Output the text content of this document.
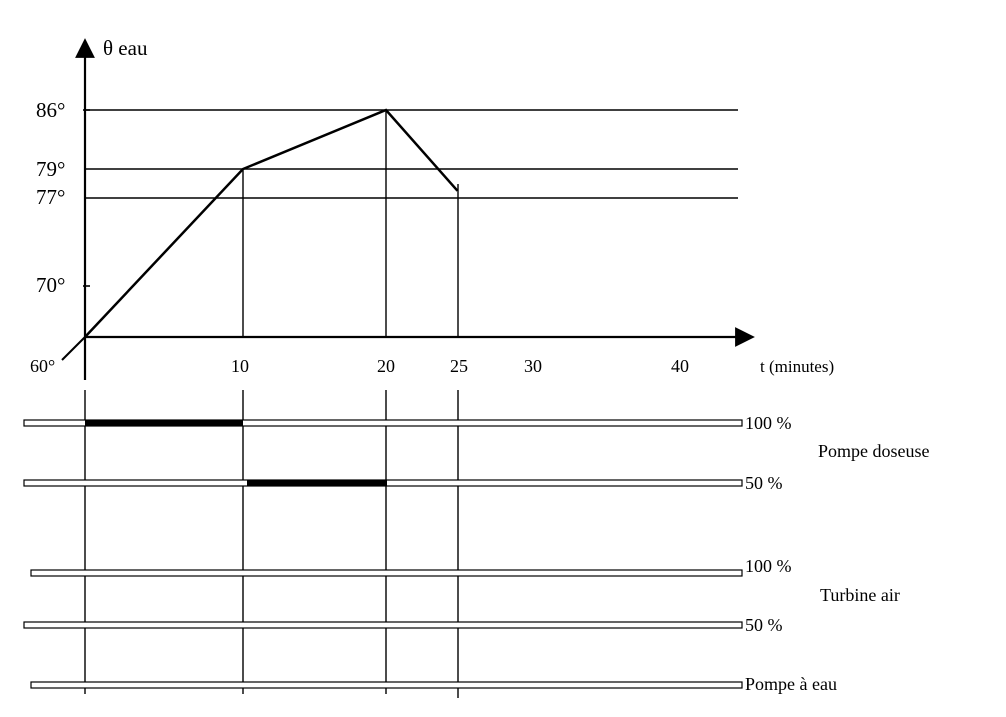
θ eau
t (minutes)
86°
79°
77°
70°
60°	10	20	25	30	40
100 %
50 %
Pompe doseuse
100 %
50 %
Turbine air
Pompe à eau
